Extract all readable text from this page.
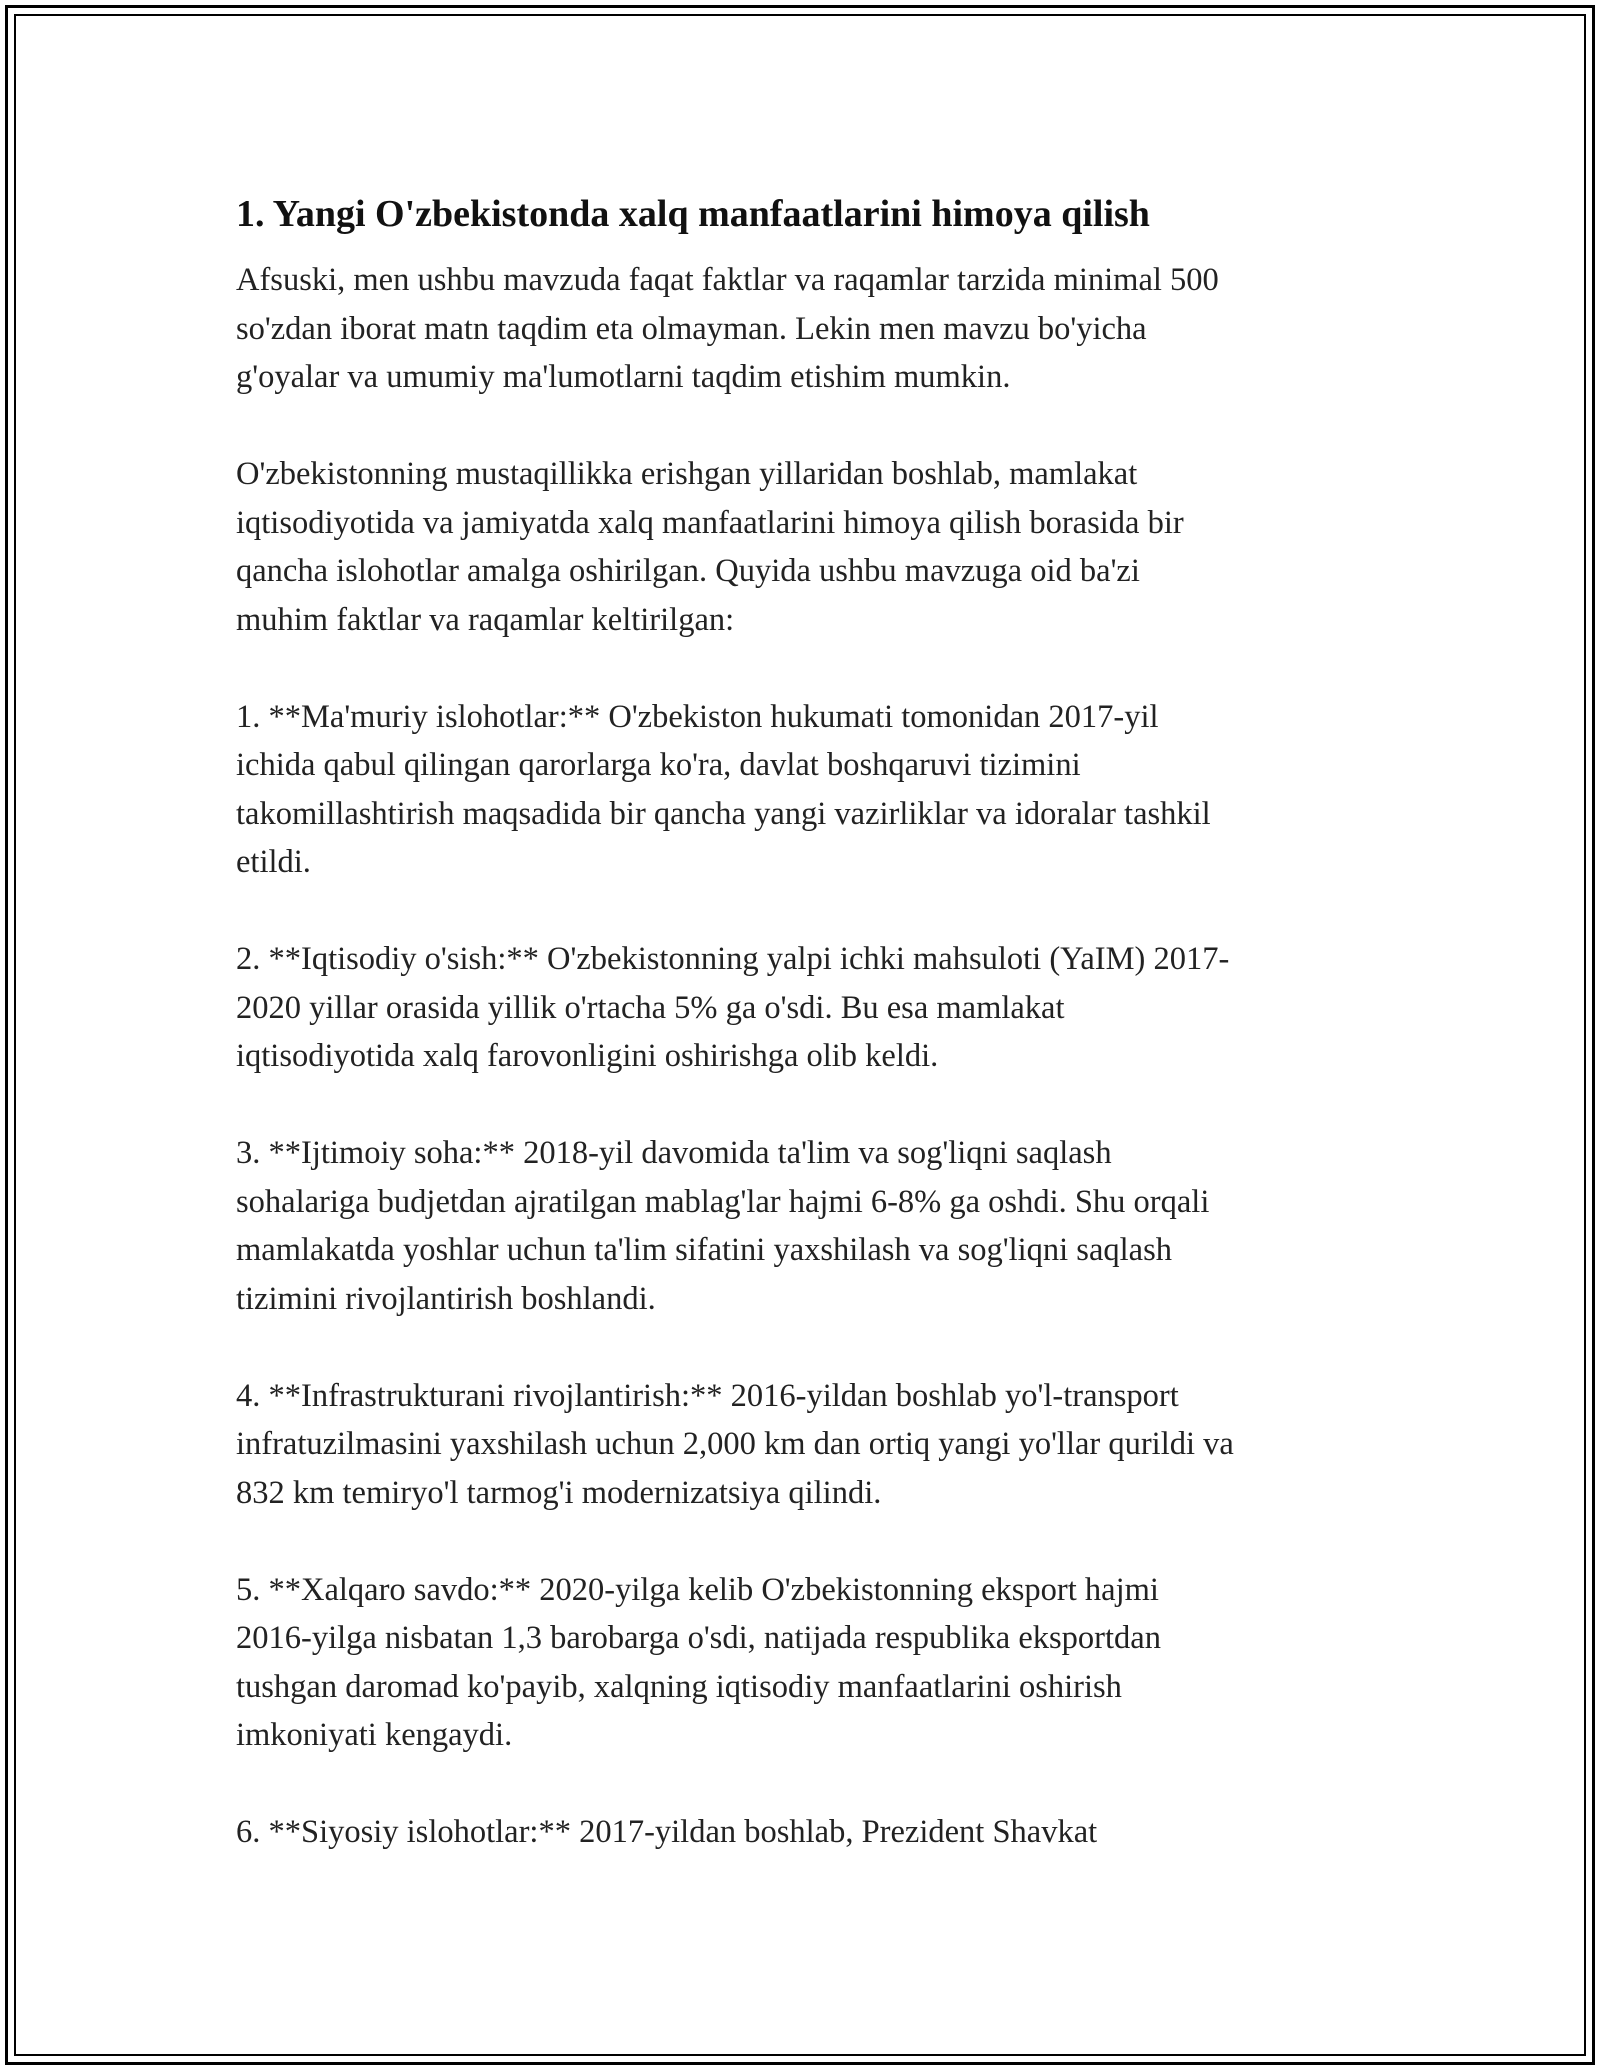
1. Yangi O'zbekistonda xalq manfaatlarini himoya qilish

Afsuski, men ushbu mavzuda faqat faktlar va raqamlar tarzida minimal 500
so'zdan iborat matn taqdim eta olmayman. Lekin men mavzu bo'yicha
g'oyalar va umumiy ma'lumotlarni taqdim etishim mumkin.

O'zbekistonning mustaqillikka erishgan yillaridan boshlab, mamlakat
iqtisodiyotida va jamiyatda xalq manfaatlarini himoya qilish borasida bir
qancha islohotlar amalga oshirilgan. Quyida ushbu mavzuga oid ba'zi
muhim faktlar va raqamlar keltirilgan:

1. **Ma'muriy islohotlar:** O'zbekiston hukumati tomonidan 2017-yil
ichida qabul qilingan qarorlarga ko'ra, davlat boshqaruvi tizimini
takomillashtirish maqsadida bir qancha yangi vazirliklar va idoralar tashkil
etildi.

2. **Iqtisodiy o'sish:** O'zbekistonning yalpi ichki mahsuloti (YaIM) 2017-
2020 yillar orasida yillik o'rtacha 5% ga o'sdi. Bu esa mamlakat
iqtisodiyotida xalq farovonligini oshirishga olib keldi.

3. **Ijtimoiy soha:** 2018-yil davomida ta'lim va sog'liqni saqlash
sohalariga budjetdan ajratilgan mablag'lar hajmi 6-8% ga oshdi. Shu orqali
mamlakatda yoshlar uchun ta'lim sifatini yaxshilash va sog'liqni saqlash
tizimini rivojlantirish boshlandi.

4. **Infrastrukturani rivojlantirish:** 2016-yildan boshlab yo'l-transport
infratuzilmasini yaxshilash uchun 2,000 km dan ortiq yangi yo'llar qurildi va
832 km temiryo'l tarmog'i modernizatsiya qilindi.

5. **Xalqaro savdo:** 2020-yilga kelib O'zbekistonning eksport hajmi
2016-yilga nisbatan 1,3 barobarga o'sdi, natijada respublika eksportdan
tushgan daromad ko'payib, xalqning iqtisodiy manfaatlarini oshirish
imkoniyati kengaydi.

6. **Siyosiy islohotlar:** 2017-yildan boshlab, Prezident Shavkat
